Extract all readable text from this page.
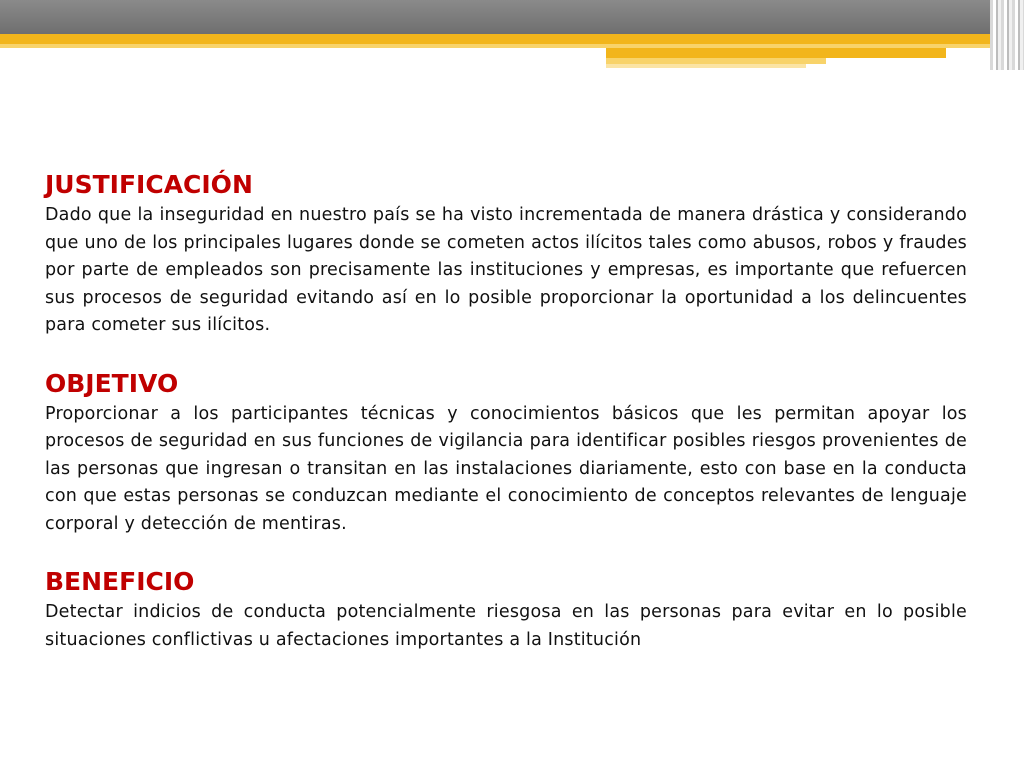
JUSTIFICACIÓN

Dado que la inseguridad en nuestro país se ha visto incrementada de manera drástica y considerando que uno de los principales lugares donde se cometen actos ilícitos tales como abusos, robos y fraudes por parte de empleados son precisamente las instituciones y empresas, es importante que refuercen sus procesos de seguridad evitando así en lo posible proporcionar la oportunidad a los delincuentes para cometer sus ilícitos.

OBJETIVO

Proporcionar a los participantes técnicas y conocimientos básicos que les permitan apoyar los procesos de seguridad en sus funciones de vigilancia para identificar posibles riesgos provenientes de las personas que ingresan o transitan en las instalaciones diariamente, esto con base en la conducta con que estas personas se conduzcan mediante el conocimiento de conceptos relevantes de lenguaje corporal y detección de mentiras.

BENEFICIO

Detectar indicios de conducta potencialmente riesgosa en las personas para evitar en lo posible situaciones conflictivas u afectaciones importantes a la Institución
